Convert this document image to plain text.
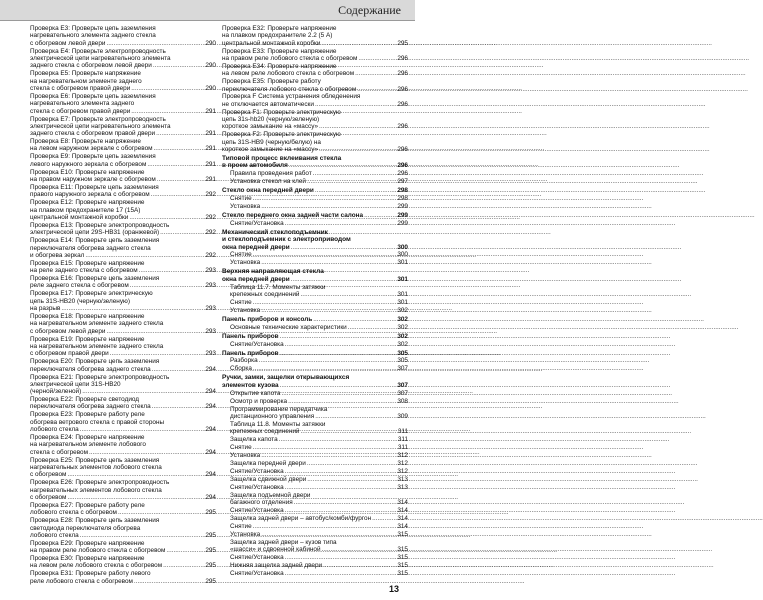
Содержание
Проверка E3: Проверьте цепь заземления
нагревательного элемента заднего стекла
с обогревом левой двери .....	290
Проверка E4: Проверьте электропроводность
электрической цепи нагревательного элемента
заднего стекла с обогревом левой двери .....	290
Проверка E5: Проверьте напряжение
на нагревательном элементе заднего
стекла с обогревом правой двери .....	290
Проверка E6: Проверьте цепь заземления
нагревательного элемента заднего
стекла с обогревом правой двери .....	291
Проверка E7: Проверьте электропроводность
электрической цепи нагревательного элемента
заднего стекла с обогревом правой двери .....	291
Проверка E8: Проверьте напряжение
на левом наружном зеркале с обогревом .....	291
Проверка E9: Проверьте цепь заземления
левого наружного зеркала с обогревом .....	291
Проверка E10: Проверьте напряжение
на правом наружном зеркале с обогревом .....	291
Проверка E11: Проверьте цепь заземления
правого наружного зеркала с обогревом .....	292
Проверка E12: Проверьте напряжение
на плавком предохранителе 17 (15А)
центральной монтажной коробки .....	292
Проверка E13: Проверьте электропроводность
электрической цепи 29S-HB31 (оранжевой) .....	292
Проверка E14: Проверьте цепь заземления
переключателя обогрева заднего стекла
и обогрева зеркал .....	292
Проверка E15: Проверьте напряжение
на реле заднего стекла с обогревом .....	293
Проверка E16: Проверьте цепь заземления
реле заднего стекла с обогревом .....	293
Проверка E17: Проверьте электрическую
цепь 31S-HB20 (черную/зеленую)
на разрыв .....	293
Проверка E18: Проверьте напряжение
на нагревательном элементе заднего стекла
с обогревом левой двери .....	293
Проверка E19: Проверьте напряжение
на нагревательном элементе заднего стекла
с обогревом правой двери .....	293
Проверка E20: Проверьте цепь заземления
переключателя обогрева заднего стекла .....	294
Проверка E21: Проверьте электропроводность
электрической цепи 31S-HB20
(черной/зеленой) .....	294
Проверка E22: Проверьте светодиод
переключателя обогрева заднего стекла .....	294
Проверка E23: Проверьте работу реле
обогрева ветрового стекла с правой стороны
лобового стекла .....	294
Проверка E24: Проверьте напряжение
на нагревательном элементе лобового
стекла с обогревом .....	294
Проверка E25: Проверьте цепь заземления
нагревательных элементов лобового стекла
с обогревом .....	294
Проверка E26: Проверьте электропроводность
нагревательных элементов лобового стекла
с обогревом .....	294
Проверка E27: Проверьте работу реле
лобового стекла с обогревом .....	295
Проверка E28: Проверьте цепь заземления
светодиода переключателя обогрева
лобового стекла .....	295
Проверка E29: Проверьте напряжение
на правом реле лобового стекла с обогревом .....	295
Проверка E30: Проверьте напряжение
на левом реле лобового стекла с обогревом .....	295
Проверка E31: Проверьте работу левого
реле лобового стекла с обогревом .....	295
Проверка E32: Проверьте напряжение
на плавком предохранителе 2.2 (5 А)
центральной монтажной коробки .....	295
Проверка E33: Проверьте напряжение
на правом реле лобового стекла с обогревом .....	296
Проверка E34: Проверьте напряжение
на левом реле лобового стекла с обогревом .....	296
Проверка E35: Проверьте работу
переключателя лобового стекла с обогревом .....	296
Проверка F Система устранения обледенения
не отключается автоматически .....	296
Проверка F1: Проверьте электрическую
цепь 31s-hb20 (черную/зеленую)
короткое замыкание на «массу» .....	296
Проверка F2: Проверьте электрическую
цепь 31S-HB9 (черную/белую) на
короткое замыкание на «массу» .....	296
Типовой процесс вклеивания стекла
в проем автомобиля .....	296
Правила проведения работ .....	296
Установка стекол на клей .....	297
Стекло окна передней двери .....	298
Снятие .....	298
Установка .....	299
Стекло переднего окна задней части салона .....	299
Снятие/Установка .....	299
Механический стеклоподъемник
и стеклоподъемник с электроприводом
окна передней двери .....	300
Снятие .....	300
Установка .....	301
Верхняя направляющая стекла
окна передней двери .....	301
Таблица 11.7. Моменты затяжки
крепежных соединений .....	301
Снятие .....	301
Установка .....	302
Панель приборов и консоль .....	302
Основные технические характеристики .....	302
Панель приборов .....	302
Снятие/Установка .....	302
Панель приборов .....	305
Разборка .....	305
Сборка .....	307
Ручки, замки, защелки открывающихся
элементов кузова .....	307
Открытие капота .....	307
Осмотр и проверка .....	308
Программирование передатчика
дистанционного управления .....	309
Таблица 11.8. Моменты затяжки
крепежных соединений .....	311
Защелка капота .....	311
Снятие .....	311
Установка .....	312
Защелка передней двери .....	312
Снятие/Установка .....	312
Защелка сдвижной двери .....	313
Снятие/Установка .....	313
Защелка подъемной двери
багажного отделения .....	314
Снятие/Установка .....	314
Защелка задней двери – автобус/комби/фургон .....	314
Снятие .....	314
Установка .....	315
Защелка задней двери – кузов типа
«шасси» и сдвоенной кабиной .....	315
Снятие/Установка .....	315
Нижняя защелка задней двери .....	315
Снятие/Установка .....	315
13
